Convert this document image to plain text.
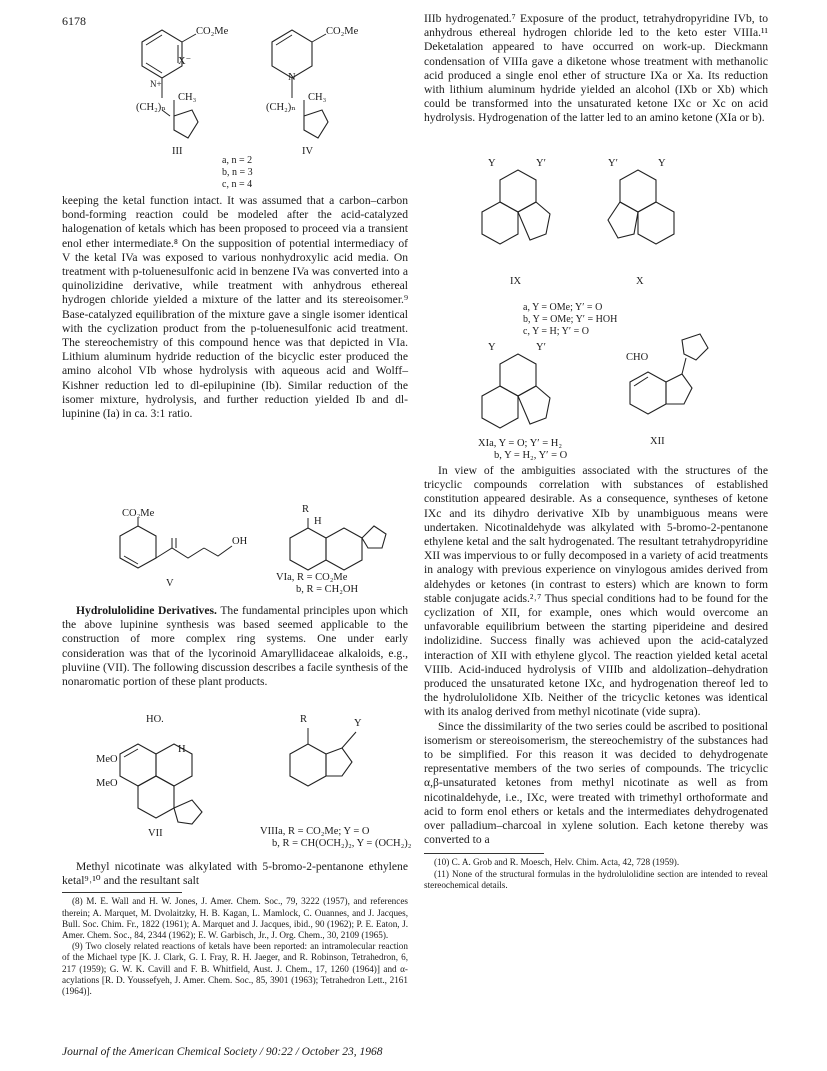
6178
CO₂Me
X⁻
N+
CH₃
(CH₂)ₙ
III
CO₂Me
N
CH₃
(CH₂)ₙ
IV
a, n = 2
b, n = 3
c, n = 4

keeping the ketal function intact. It was assumed that a carbon–carbon bond-forming reaction could be modeled after the acid-catalyzed halogenation of ketals which has been proposed to proceed via a transient enol ether intermediate.⁸ On the supposition of potential intermediacy of V the ketal IVa was exposed to various nonhydroxylic acid media. On treatment with p-toluenesulfonic acid in benzene IVa was converted into a quinolizidine derivative, while treatment with anhydrous ethereal hydrogen chloride yielded a mixture of the latter and its stereoisomer.⁹ Base-catalyzed equilibration of the mixture gave a single isomer identical with the cyclization product from the p-toluenesulfonic acid treatment. The stereochemistry of this compound hence was that depicted in VIa. Lithium aluminum hydride reduction of the bicyclic ester produced the amino alcohol VIb whose hydrolysis with aqueous acid and Wolff–Kishner reduction led to dl-epilupinine (Ib). Similar reduction of the isomer mixture, hydrolysis, and further reduction yielded Ib and dl-lupinine (Ia) in ca. 3:1 ratio.

CO₂Me
OH
V
R
H
VIa, R = CO₂Me
b, R = CH₂OH

Hydrolulolidine Derivatives. The fundamental principles upon which the above lupinine synthesis was based seemed applicable to the construction of more complex ring systems. One under early consideration was that of the lycorinoid Amaryllidaceae alkaloids, e.g., pluviine (VII). The following discussion describes a facile synthesis of the nonaromatic portion of these plant products.

HO.
H
MeO
MeO
VII
R	Y
VIIIa, R = CO₂Me; Y = O
b, R = CH(OCH₂)₂, Y = (OCH₂)₂

Methyl nicotinate was alkylated with 5-bromo-2-pentanone ethylene ketal⁹˒¹⁰ and the resultant salt

(8) M. E. Wall and H. W. Jones, J. Amer. Chem. Soc., 79, 3222 (1957), and references therein; A. Marquet, M. Dvolaitzky, H. B. Kagan, L. Mamlock, C. Ouannes, and J. Jacques, Bull. Soc. Chim. Fr., 1822 (1961); A. Marquet and J. Jacques, ibid., 90 (1962); P. E. Eaton, J. Amer. Chem. Soc., 84, 2344 (1962); E. W. Garbisch, Jr., J. Org. Chem., 30, 2109 (1965).

(9) Two closely related reactions of ketals have been reported: an intramolecular reaction of the Michael type [K. J. Clark, G. I. Fray, R. H. Jaeger, and R. Robinson, Tetrahedron, 6, 217 (1959); G. W. K. Cavill and F. B. Whitfield, Aust. J. Chem., 17, 1260 (1964)] and α-acylations [R. D. Youssefyeh, J. Amer. Chem. Soc., 85, 3901 (1963); Tetrahedron Lett., 2161 (1964)].

IIIb hydrogenated.⁷ Exposure of the product, tetrahydropyridine IVb, to anhydrous ethereal hydrogen chloride led to the keto ester VIIIa.¹¹ Deketalation appeared to have occurred on work-up. Dieckmann condensation of VIIIa gave a diketone whose treatment with methanolic acid produced a single enol ether of structure IXa or Xa. Its reduction with lithium aluminum hydride yielded an alcohol (IXb or Xb) which could be transformed into the unsaturated ketone IXc or Xc on acid hydrolysis. Hydrogenation of the latter led to an amino ketone (XIa or b).

Y	Y′
IX
Y′	Y
X
a, Y = OMe; Y′ = O
b, Y = OMe; Y′ = HOH
c, Y = H; Y′ = O
Y	Y′
XIa, Y = O; Y′ = H₂
b, Y = H₂, Y′ = O
CHO
XII

In view of the ambiguities associated with the structures of the tricyclic compounds correlation with substances of established constitution appeared desirable. As a consequence, syntheses of ketone IXc and its dihydro derivative XIb by unambiguous means were undertaken. Nicotinaldehyde was alkylated with 5-bromo-2-pentanone ethylene ketal and the salt hydrogenated. The resultant tetrahydropyridine XII was impervious to or fully decomposed in a variety of acid treatments in analogy with previous experience on vinylogous amides derived from aldehydes or ketones (in contrast to esters) which are known to form stable conjugate acids.²˒⁷ Thus special conditions had to be found for the cyclization of XII, for example, ones which would overcome an unfavorable equilibrium between the starting piperideine and desired indolizidine. Success finally was achieved upon the acid-catalyzed interaction of XII with ethylene glycol. The reaction yielded ketal acetal VIIIb. Acid-induced hydrolysis of VIIIb and aldolization–dehydration produced the unsaturated ketone IXc, and hydrogenation thereof led to the hydrolulolidone XIb. Neither of the tricyclic ketones was identical with its analog derived from methyl nicotinate (vide supra).

Since the dissimilarity of the two series could be ascribed to positional isomerism or stereoisomerism, the stereochemistry of the substances had to be simplified. For this reason it was decided to dehydrogenate representative members of the two series of compounds. The tricyclic α,β-unsaturated ketones from methyl nicotinate as well as from nicotinaldehyde, i.e., IXc, were treated with trimethyl orthoformate and acid to form enol ethers or ketals and the intermediates dehydrogenated over palladium–charcoal in xylene solution. Each ketone thereby was converted to a

(10) C. A. Grob and R. Moesch, Helv. Chim. Acta, 42, 728 (1959).

(11) None of the structural formulas in the hydrolulolidine section are intended to reveal stereochemical details.

Journal of the American Chemical Society / 90:22 / October 23, 1968
